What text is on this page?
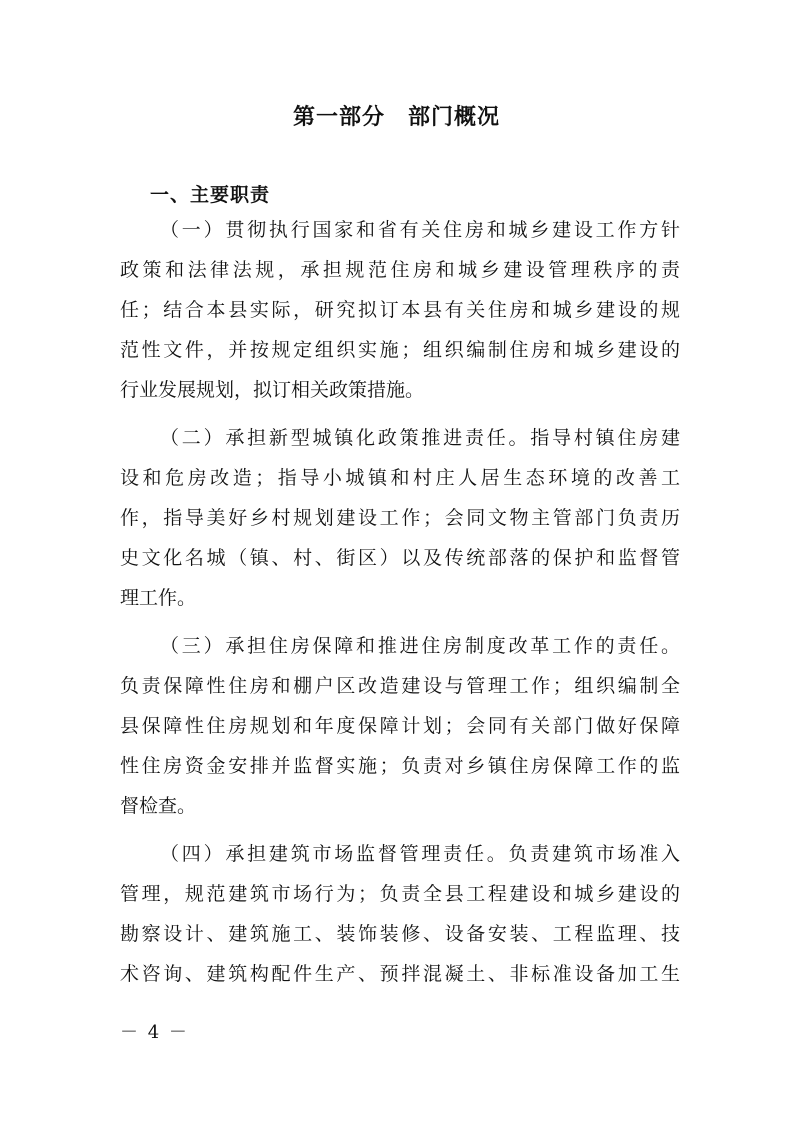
第一部分　部门概况
一、主要职责
（一）贯彻执行国家和省有关住房和城乡建设工作方针
政策和法律法规，承担规范住房和城乡建设管理秩序的责
任；结合本县实际，研究拟订本县有关住房和城乡建设的规
范性文件，并按规定组织实施；组织编制住房和城乡建设的
行业发展规划，拟订相关政策措施。
（二）承担新型城镇化政策推进责任。指导村镇住房建
设和危房改造；指导小城镇和村庄人居生态环境的改善工
作，指导美好乡村规划建设工作；会同文物主管部门负责历
史文化名城（镇、村、街区）以及传统部落的保护和监督管
理工作。
（三）承担住房保障和推进住房制度改革工作的责任。
负责保障性住房和棚户区改造建设与管理工作；组织编制全
县保障性住房规划和年度保障计划；会同有关部门做好保障
性住房资金安排并监督实施；负责对乡镇住房保障工作的监
督检查。
（四）承担建筑市场监督管理责任。负责建筑市场准入
管理，规范建筑市场行为；负责全县工程建设和城乡建设的
勘察设计、建筑施工、装饰装修、设备安装、工程监理、技
术咨询、建筑构配件生产、预拌混凝土、非标准设备加工生
－ 4 －
